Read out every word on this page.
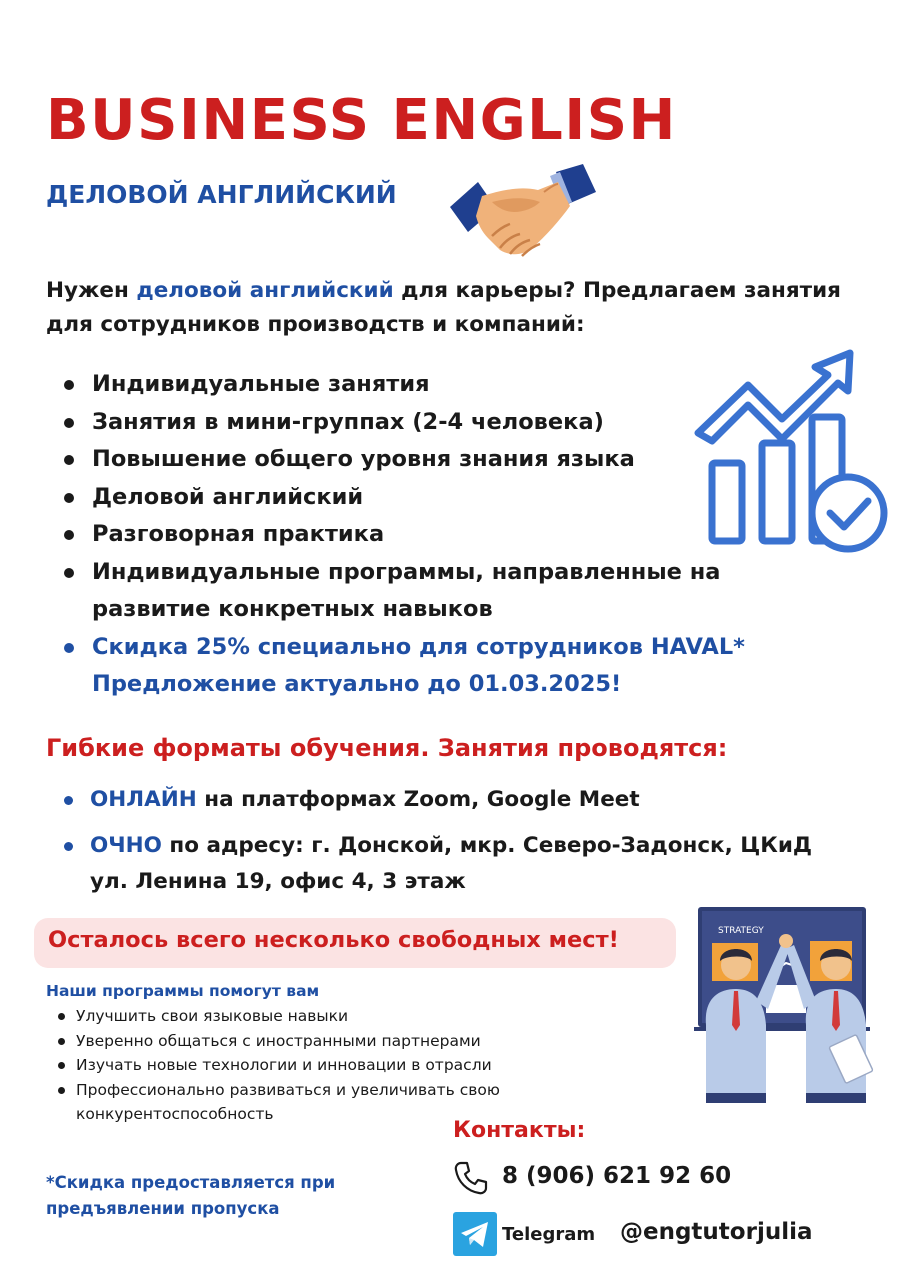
BUSINESS ENGLISH
ДЕЛОВОЙ АНГЛИЙСКИЙ
Нужен деловой английский для карьеры? Предлагаем занятия для сотрудников производств и компаний:
Индивидуальные занятия
Занятия в мини-группах (2-4 человека)
Повышение общего уровня знания языка
Деловой английский
Разговорная практика
Индивидуальные программы, направленные на развитие конкретных навыков
Скидка 25% специально для сотрудников HAVAL*
Предложение актуально до 01.03.2025!
Гибкие форматы обучения. Занятия проводятся:
ОНЛАЙН на платформах Zoom, Google Meet
ОЧНО по адресу: г. Донской, мкр. Северо-Задонск, ЦКиД ул. Ленина 19, офис 4, 3 этаж
Осталось всего несколько свободных мест!	STRATEGY
Наши программы помогут вам
Улучшить свои языковые навыки
Уверенно общаться с иностранными партнерами
Изучать новые технологии и инновации в отрасли
Профессионально развиваться и увеличивать свою конкурентоспособность
*Скидка предоставляется при предъявлении пропуска
Контакты:
8 (906) 621 92 60
Telegram @engtutorjulia
